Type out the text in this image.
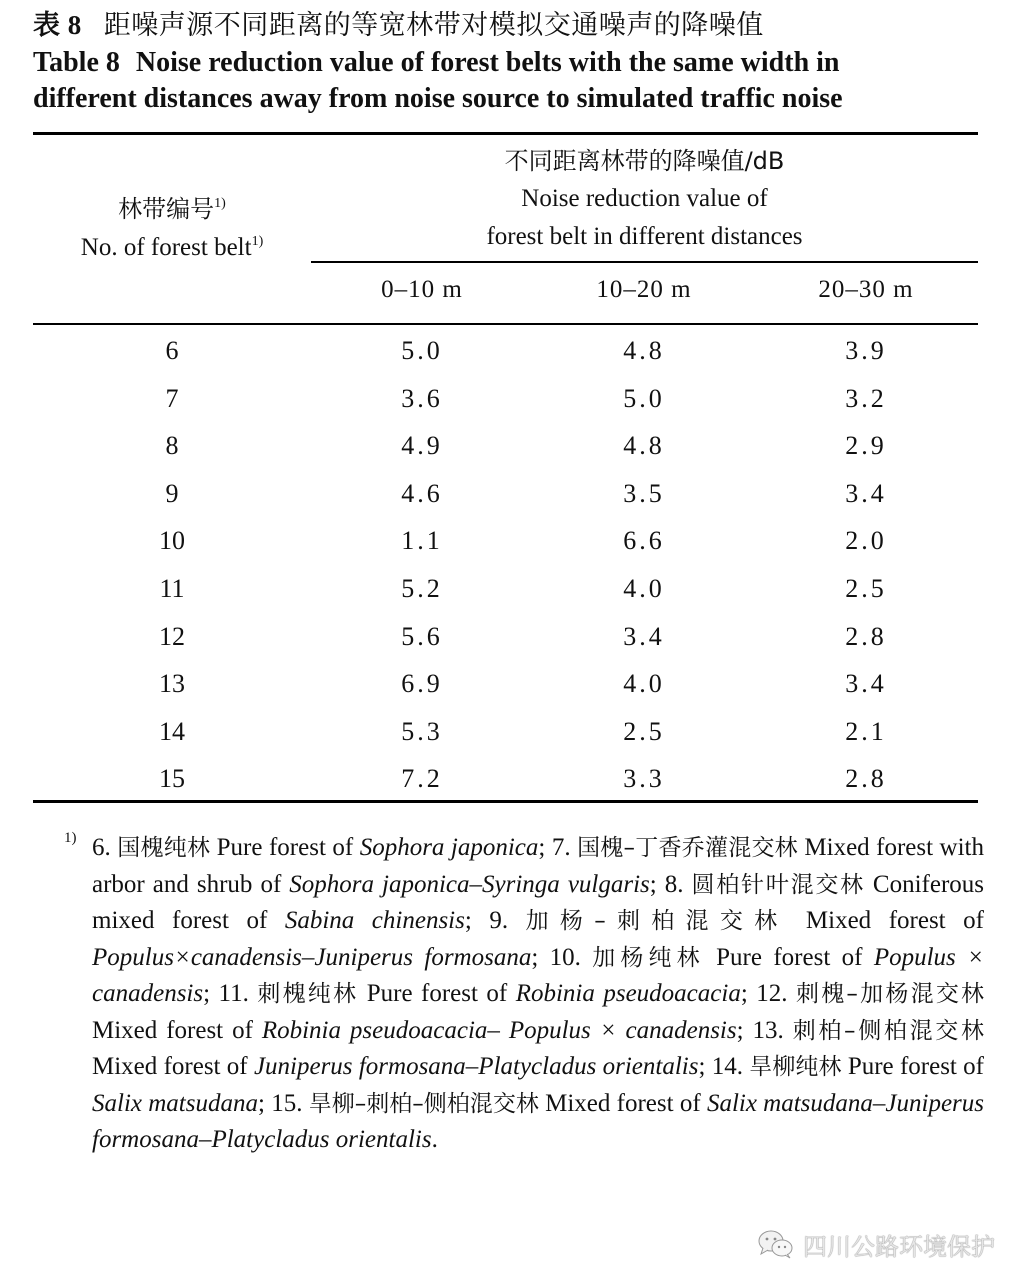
表 8 距噪声源不同距离的等宽林带对模拟交通噪声的降噪值
Table 8 Noise reduction value of forest belts with the same width in
different distances away from noise source to simulated traffic noise
林带编号$^{1)}$
No. of forest belt$^{1)}$
不同距离林带的降噪值/dB
Noise reduction value of
forest belt in different distances
0–10 m	10–20 m	20–30 m
6	5.0	4.8	3.9
7	3.6	5.0	3.2
8	4.9	4.8	2.9
9	4.6	3.5	3.4
10	1.1	6.6	2.0
11	5.2	4.0	2.5
12	5.6	3.4	2.8
13	6.9	4.0	3.4
14	5.3	2.5	2.1
15	7.2	3.3	2.8
1) 6. 国槐纯林 Pure forest of Sophora japonica; 7. 国槐–丁香乔灌混交林 Mixed forest with arbor and shrub of Sophora japonica–Syringa vulgaris; 8. 圆柏针叶混交林 Coniferous mixed forest of Sabina chinensis; 9. 加杨–刺柏混交林 Mixed forest of Populus×canadensis–Juniperus formosana; 10. 加杨纯林 Pure forest of Populus × canadensis; 11. 刺槐纯林 Pure forest of Robinia pseudoacacia; 12. 刺槐–加杨混交林 Mixed forest of Robinia pseudoacacia– Populus × canadensis; 13. 刺柏–侧柏混交林 Mixed forest of Juniperus formosana–Platycladus orientalis; 14. 旱柳纯林 Pure forest of Salix matsudana; 15. 旱柳–刺柏–侧柏混交林 Mixed forest of Salix matsudana–Juniperus formosana–Platycladus orientalis.
四川公路环境保护
